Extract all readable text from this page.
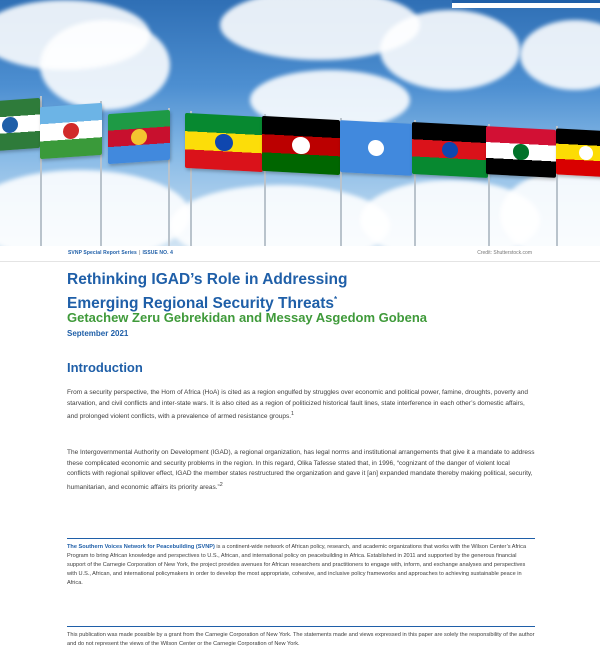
SVNP Special Report Series | ISSUE NO. 4	Credit: Shutterstock.com
Rethinking IGAD’s Role in Addressing
Emerging Regional Security Threats*
Getachew Zeru Gebrekidan and Messay Asgedom Gobena
September 2021
Introduction
From a security perspective, the Horn of Africa (HoA) is cited as a region engulfed by struggles over economic and political power, famine, droughts, poverty and starvation, and civil conflicts and inter-state wars. It is also cited as a region of politicized historical fault lines, state interference in each other’s domestic affairs, and prolonged violent conflicts, with a prevalence of armed resistance groups.$^1$
The Intergovernmental Authority on Development (IGAD), a regional organization, has legal norms and institutional arrangements that give it a mandate to address these complicated economic and security problems in the region. In this regard, Olika Tafesse stated that, in 1996, “cognizant of the danger of violent local conflicts with regional spillover effect, IGAD the member states restructured the organization and gave it [an] expanded mandate thereby making political, security, humanitarian, and economic affairs its priority areas.”$^2$
The Southern Voices Network for Peacebuilding (SVNP) is a continent-wide network of African policy, research, and academic organizations that works with the Wilson Center’s Africa Program to bring African knowledge and perspectives to U.S., African, and international policy on peacebuilding in Africa. Established in 2011 and supported by the generous financial support of the Carnegie Corporation of New York, the project provides avenues for African researchers and practitioners to engage with, inform, and exchange analyses and perspectives with U.S., African, and international policymakers in order to develop the most appropriate, cohesive, and inclusive policy frameworks and approaches to achieving sustainable peace in Africa.
This publication was made possible by a grant from the Carnegie Corporation of New York. The statements made and views expressed in this paper are solely the responsibility of the author and do not represent the views of the Wilson Center or the Carnegie Corporation of New York.
